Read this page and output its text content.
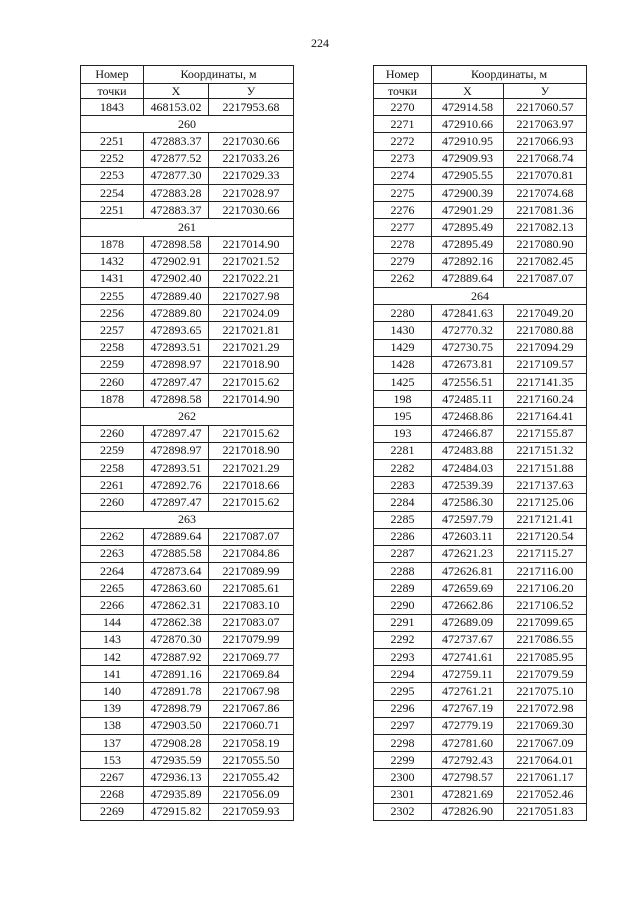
224
Номер	Координаты, м	
точки	X	У
1843	468153.02	2217953.68
260		
2251	472883.37	2217030.66
2252	472877.52	2217033.26
2253	472877.30	2217029.33
2254	472883.28	2217028.97
2251	472883.37	2217030.66
261		
1878	472898.58	2217014.90
1432	472902.91	2217021.52
1431	472902.40	2217022.21
2255	472889.40	2217027.98
2256	472889.80	2217024.09
2257	472893.65	2217021.81
2258	472893.51	2217021.29
2259	472898.97	2217018.90
2260	472897.47	2217015.62
1878	472898.58	2217014.90
262		
2260	472897.47	2217015.62
2259	472898.97	2217018.90
2258	472893.51	2217021.29
2261	472892.76	2217018.66
2260	472897.47	2217015.62
263		
2262	472889.64	2217087.07
2263	472885.58	2217084.86
2264	472873.64	2217089.99
2265	472863.60	2217085.61
2266	472862.31	2217083.10
144	472862.38	2217083.07
143	472870.30	2217079.99
142	472887.92	2217069.77
141	472891.16	2217069.84
140	472891.78	2217067.98
139	472898.79	2217067.86
138	472903.50	2217060.71
137	472908.28	2217058.19
153	472935.59	2217055.50
2267	472936.13	2217055.42
2268	472935.89	2217056.09
2269	472915.82	2217059.93
Номер	Координаты, м	
точки	X	У
2270	472914.58	2217060.57
2271	472910.66	2217063.97
2272	472910.95	2217066.93
2273	472909.93	2217068.74
2274	472905.55	2217070.81
2275	472900.39	2217074.68
2276	472901.29	2217081.36
2277	472895.49	2217082.13
2278	472895.49	2217080.90
2279	472892.16	2217082.45
2262	472889.64	2217087.07
264		
2280	472841.63	2217049.20
1430	472770.32	2217080.88
1429	472730.75	2217094.29
1428	472673.81	2217109.57
1425	472556.51	2217141.35
198	472485.11	2217160.24
195	472468.86	2217164.41
193	472466.87	2217155.87
2281	472483.88	2217151.32
2282	472484.03	2217151.88
2283	472539.39	2217137.63
2284	472586.30	2217125.06
2285	472597.79	2217121.41
2286	472603.11	2217120.54
2287	472621.23	2217115.27
2288	472626.81	2217116.00
2289	472659.69	2217106.20
2290	472662.86	2217106.52
2291	472689.09	2217099.65
2292	472737.67	2217086.55
2293	472741.61	2217085.95
2294	472759.11	2217079.59
2295	472761.21	2217075.10
2296	472767.19	2217072.98
2297	472779.19	2217069.30
2298	472781.60	2217067.09
2299	472792.43	2217064.01
2300	472798.57	2217061.17
2301	472821.69	2217052.46
2302	472826.90	2217051.83
